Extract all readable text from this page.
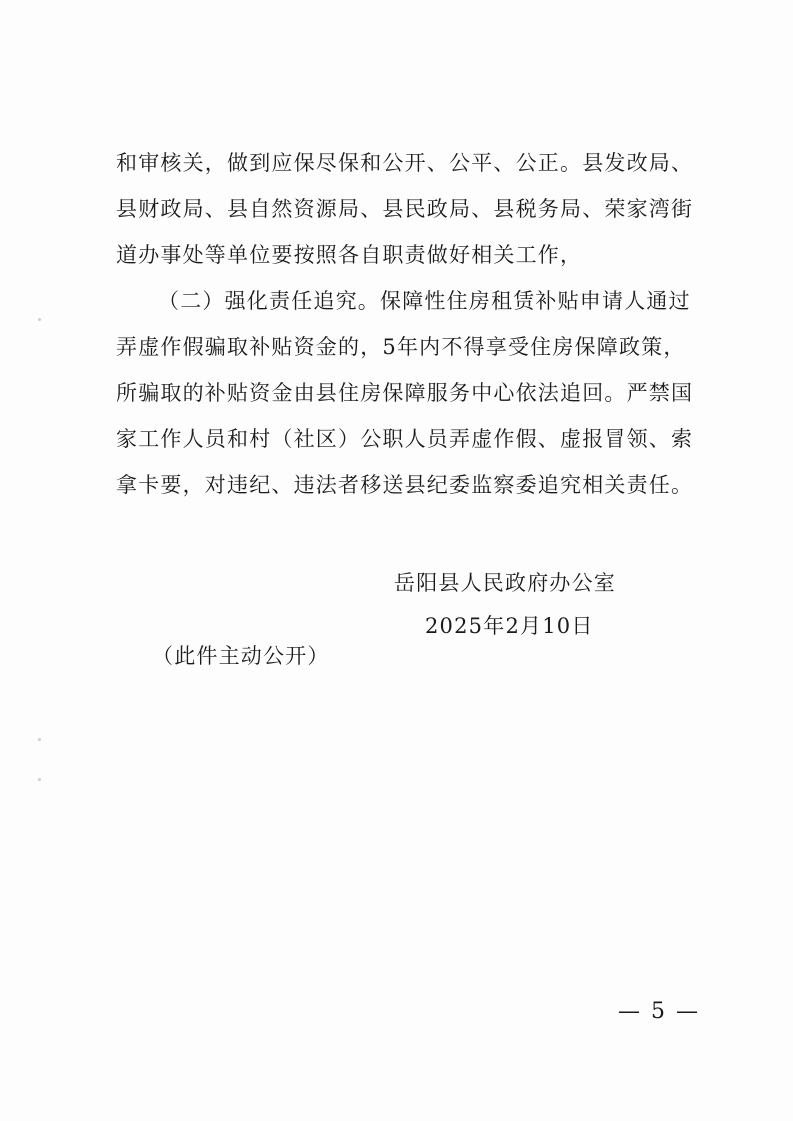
和审核关，做到应保尽保和公开、公平、公正。县发改局、
县财政局、县自然资源局、县民政局、县税务局、荣家湾街
道办事处等单位要按照各自职责做好相关工作，
（二）强化责任追究。保障性住房租赁补贴申请人通过
弄虚作假骗取补贴资金的，5年内不得享受住房保障政策，
所骗取的补贴资金由县住房保障服务中心依法追回。严禁国
家工作人员和村（社区）公职人员弄虚作假、虚报冒领、索
拿卡要，对违纪、违法者移送县纪委监察委追究相关责任。
岳阳县人民政府办公室
2025年2月10日
（此件主动公开）
— 5 —
